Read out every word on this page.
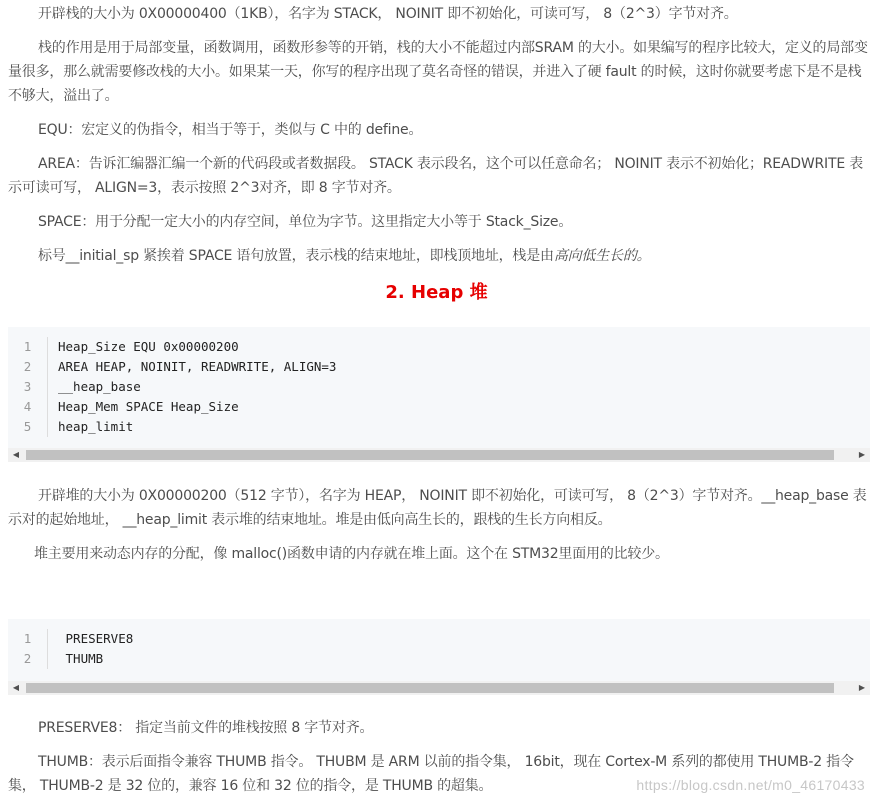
开辟栈的大小为 0X00000400（1KB），名字为 STACK， NOINIT 即不初始化，可读可写， 8（2^3）字节对齐。

栈的作用是用于局部变量，函数调用，函数形参等的开销，栈的大小不能超过内部SRAM 的大小。如果编写的程序比较大，定义的局部变量很多，那么就需要修改栈的大小。如果某一天，你写的程序出现了莫名奇怪的错误，并进入了硬 fault 的时候，这时你就要考虑下是不是栈不够大，溢出了。

EQU：宏定义的伪指令，相当于等于，类似与 C 中的 define。

AREA：告诉汇编器汇编一个新的代码段或者数据段。 STACK 表示段名，这个可以任意命名； NOINIT 表示不初始化；READWRITE 表示可读可写， ALIGN=3，表示按照 2^3对齐，即 8 字节对齐。

SPACE：用于分配一定大小的内存空间，单位为字节。这里指定大小等于 Stack_Size。

标号__initial_sp 紧挨着 SPACE 语句放置，表示栈的结束地址，即栈顶地址，栈是由高向低生长的。

2. Heap 堆
1	Heap_Size EQU 0x00000200
2	AREA HEAP, NOINIT, READWRITE, ALIGN=3
3	__heap_base
4	Heap_Mem SPACE Heap_Size
5	heap_limit
◀	▶

开辟堆的大小为 0X00000200（512 字节），名字为 HEAP， NOINIT 即不初始化，可读可写， 8（2^3）字节对齐。__heap_base 表示对的起始地址， __heap_limit 表示堆的结束地址。堆是由低向高生长的，跟栈的生长方向相反。

堆主要用来动态内存的分配，像 malloc()函数申请的内存就在堆上面。这个在 STM32里面用的比较少。

1	PRESERVE8
2	THUMB
◀	▶

PRESERVE8： 指定当前文件的堆栈按照 8 字节对齐。

THUMB：表示后面指令兼容 THUMB 指令。 THUBM 是 ARM 以前的指令集， 16bit，现在 Cortex-M 系列的都使用 THUMB-2 指令集， THUMB-2 是 32 位的，兼容 16 位和 32 位的指令，是 THUMB 的超集。	https://blog.csdn.net/m0_46170433
